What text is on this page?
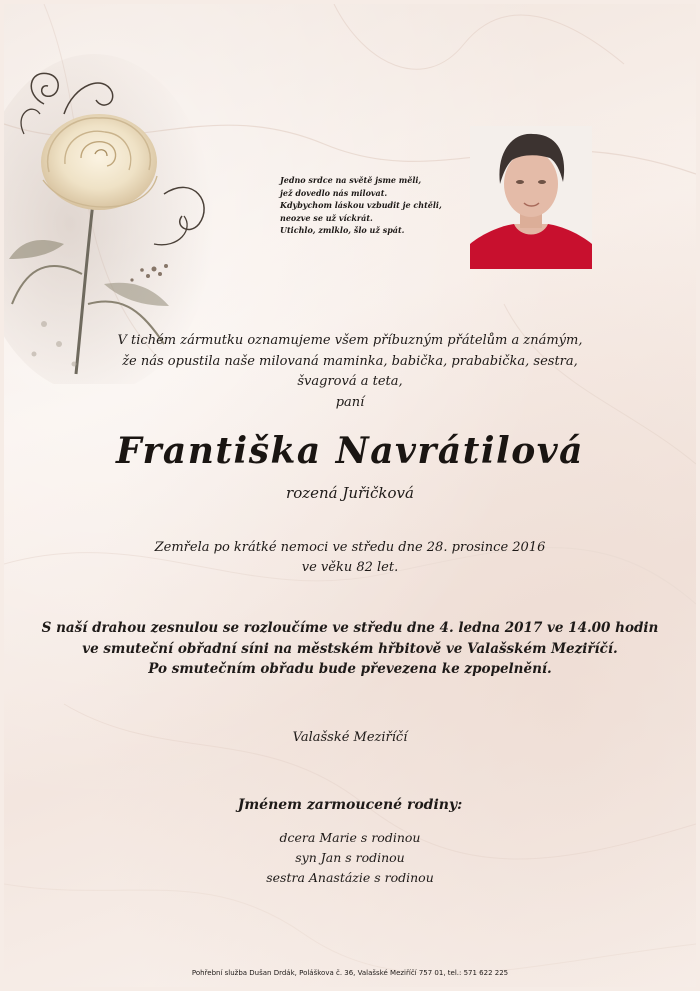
Jedno srdce na světě jsme měli,
jež dovedlo nás milovat.
Kdybychom láskou vzbudit je chtěli,
neozve se už víckrát.
Utichlo, zmlklo, šlo už spát.
V tichém zármutku oznamujeme všem příbuzným přátelům a známým,
že nás opustila naše milovaná maminka, babička, prababička, sestra,
švagrová a teta,
paní
Františka Navrátilová
rozená Juřičková
Zemřela po krátké nemoci ve středu dne 28. prosince 2016
ve věku 82 let.
S naší drahou zesnulou se rozloučíme ve středu dne 4. ledna 2017 ve 14.00 hodin
ve smuteční obřadní síni na městském hřbitově ve Valašském Meziříčí.
Po smutečním obřadu bude převezena ke zpopelnění.
Valašské Meziříčí
Jménem zarmoucené rodiny:
dcera Marie s rodinou
syn Jan s rodinou
sestra Anastázie s rodinou
Pohřební služba Dušan Drdák, Poláškova č. 36, Valašské Meziříčí 757 01, tel.: 571 622 225
